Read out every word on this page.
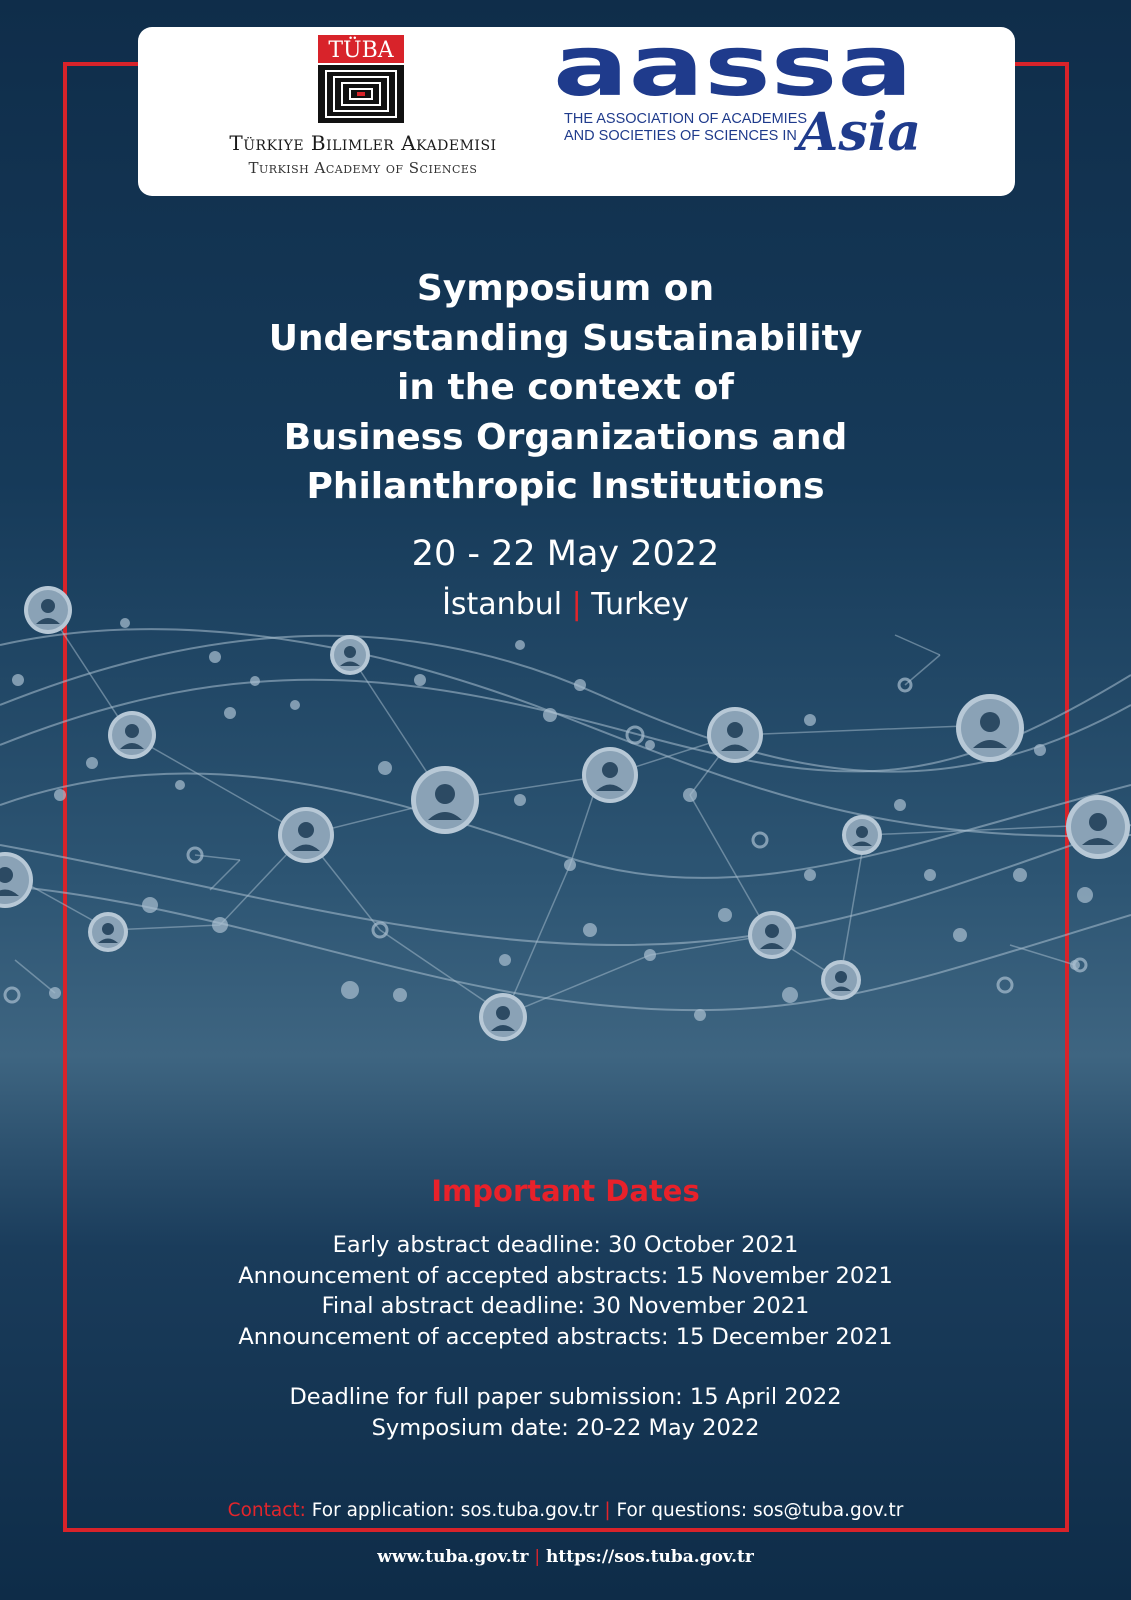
TÜBA
Türkiye Bilimler Akademisi
Turkish Academy of Sciences
aassa
THE ASSOCIATION OF ACADEMIES
AND SOCIETIES OF SCIENCES IN Asia
Symposium on
Understanding Sustainability
in the context of
Business Organizations and
Philanthropic Institutions
20 - 22 May 2022
İstanbul | Turkey
Important Dates
Early abstract deadline: 30 October 2021
Announcement of accepted abstracts: 15 November 2021
Final abstract deadline: 30 November 2021
Announcement of accepted abstracts: 15 December 2021
Deadline for full paper submission: 15 April 2022
Symposium date: 20-22 May 2022
Contact: For application: sos.tuba.gov.tr | For questions: sos@tuba.gov.tr
www.tuba.gov.tr | https://sos.tuba.gov.tr
